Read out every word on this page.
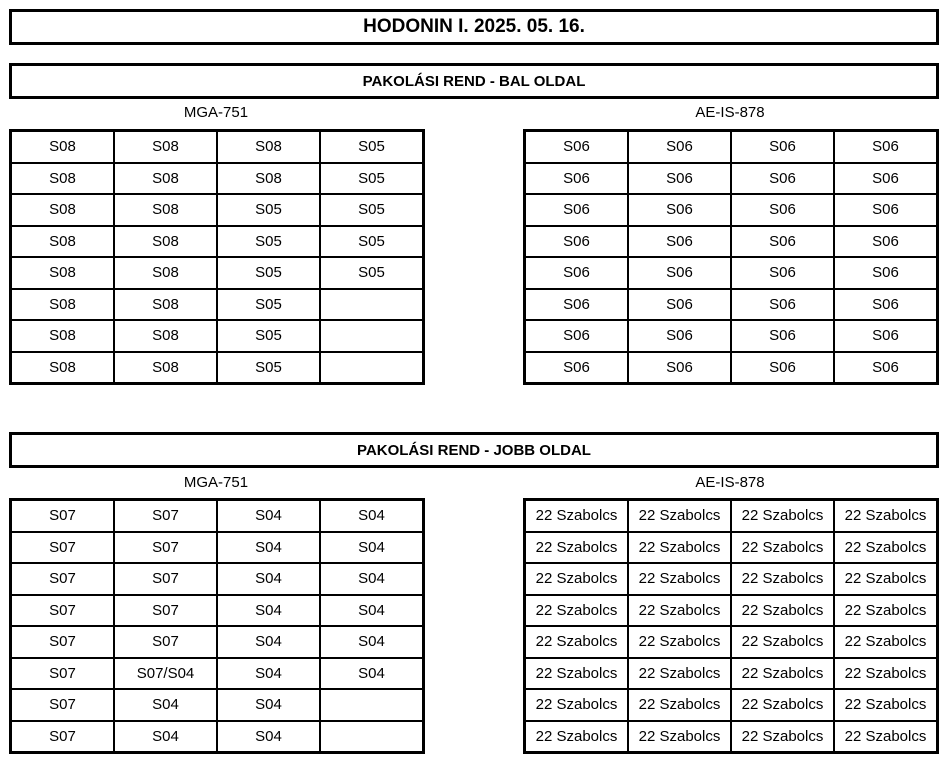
HODONIN I. 2025. 05. 16.
PAKOLÁSI REND - BAL OLDAL
MGA-751	AE-IS-878
S08	S08	S08	S05
S08	S08	S08	S05
S08	S08	S05	S05
S08	S08	S05	S05
S08	S08	S05	S05
S08	S08	S05	
S08	S08	S05	
S08	S08	S05	
S06	S06	S06	S06
S06	S06	S06	S06
S06	S06	S06	S06
S06	S06	S06	S06
S06	S06	S06	S06
S06	S06	S06	S06
S06	S06	S06	S06
S06	S06	S06	S06
PAKOLÁSI REND - JOBB OLDAL
MGA-751	AE-IS-878
S07	S07	S04	S04
S07	S07	S04	S04
S07	S07	S04	S04
S07	S07	S04	S04
S07	S07	S04	S04
S07	S07/S04	S04	S04
S07	S04	S04	
S07	S04	S04	
22 Szabolcs	22 Szabolcs	22 Szabolcs	22 Szabolcs
22 Szabolcs	22 Szabolcs	22 Szabolcs	22 Szabolcs
22 Szabolcs	22 Szabolcs	22 Szabolcs	22 Szabolcs
22 Szabolcs	22 Szabolcs	22 Szabolcs	22 Szabolcs
22 Szabolcs	22 Szabolcs	22 Szabolcs	22 Szabolcs
22 Szabolcs	22 Szabolcs	22 Szabolcs	22 Szabolcs
22 Szabolcs	22 Szabolcs	22 Szabolcs	22 Szabolcs
22 Szabolcs	22 Szabolcs	22 Szabolcs	22 Szabolcs
